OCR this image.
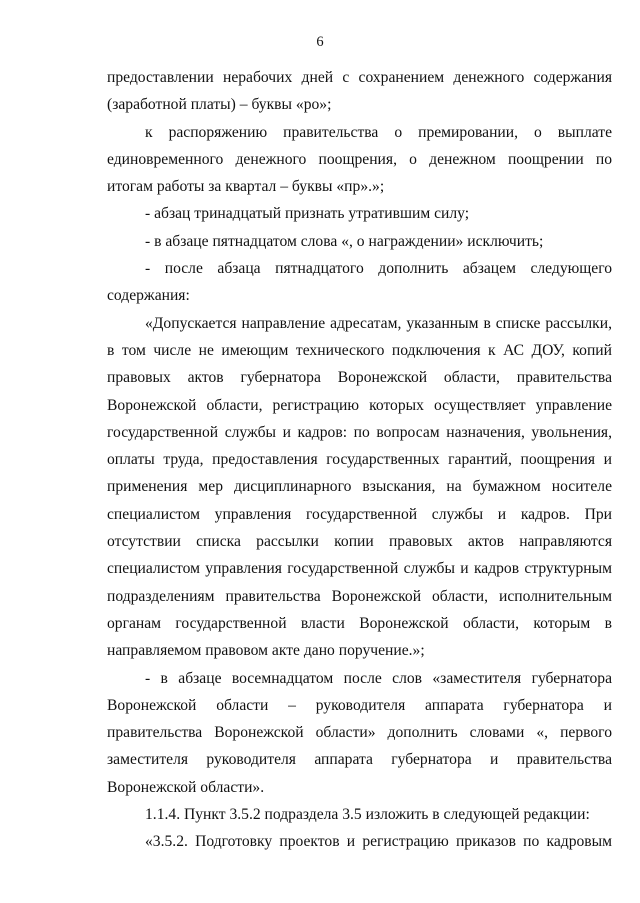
6

предоставлении нерабочих дней с сохранением денежного содержания (заработной платы) – буквы «ро»;

к распоряжению правительства о премировании, о выплате единовременного денежного поощрения, о денежном поощрении по итогам работы за квартал – буквы «пр».»;

- абзац тринадцатый признать утратившим силу;

- в абзаце пятнадцатом слова «, о награждении» исключить;

- после абзаца пятнадцатого дополнить абзацем следующего содержания:

«Допускается направление адресатам, указанным в списке рассылки, в том числе не имеющим технического подключения к АС ДОУ, копий правовых актов губернатора Воронежской области, правительства Воронежской области, регистрацию которых осуществляет управление государственной службы и кадров: по вопросам назначения, увольнения, оплаты труда, предоставления государственных гарантий, поощрения и применения мер дисциплинарного взыскания, на бумажном носителе специалистом управления государственной службы и кадров. При отсутствии списка рассылки копии правовых актов направляются специалистом управления государственной службы и кадров структурным подразделениям правительства Воронежской области, исполнительным органам государственной власти Воронежской области, которым в направляемом правовом акте дано поручение.»;

- в абзаце восемнадцатом после слов «заместителя губернатора Воронежской области – руководителя аппарата губернатора и правительства Воронежской области» дополнить словами «, первого заместителя руководителя аппарата губернатора и правительства Воронежской области».

1.1.4. Пункт 3.5.2 подраздела 3.5 изложить в следующей редакции:

«3.5.2. Подготовку проектов и регистрацию приказов по кадровым
